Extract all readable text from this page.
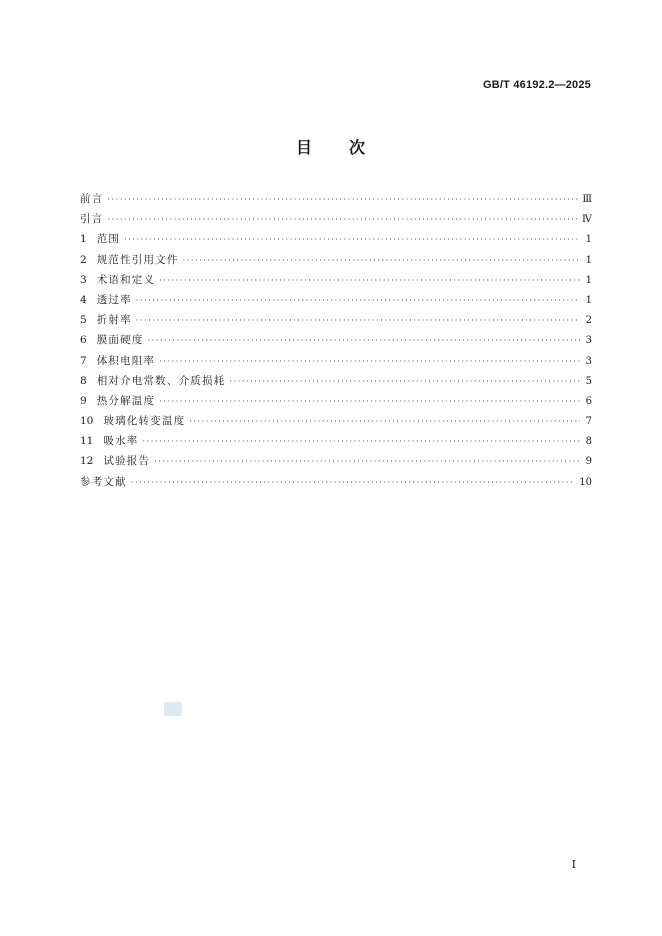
GB/T 46192.2—2025
目 次
前言 ·····	Ⅲ
引言 ·····	Ⅳ
1 范围 ·····	1
2 规范性引用文件 ·····	1
3 术语和定义 ·····	1
4 透过率 ·····	1
5 折射率 ·····	2
6 膜面硬度 ·····	3
7 体积电阻率 ·····	3
8 相对介电常数、介质损耗 ·····	5
9 热分解温度 ·····	6
10 玻璃化转变温度 ·····	7
11 吸水率 ·····	8
12 试验报告 ·····	9
参考文献 ·····	10
Ⅰ
